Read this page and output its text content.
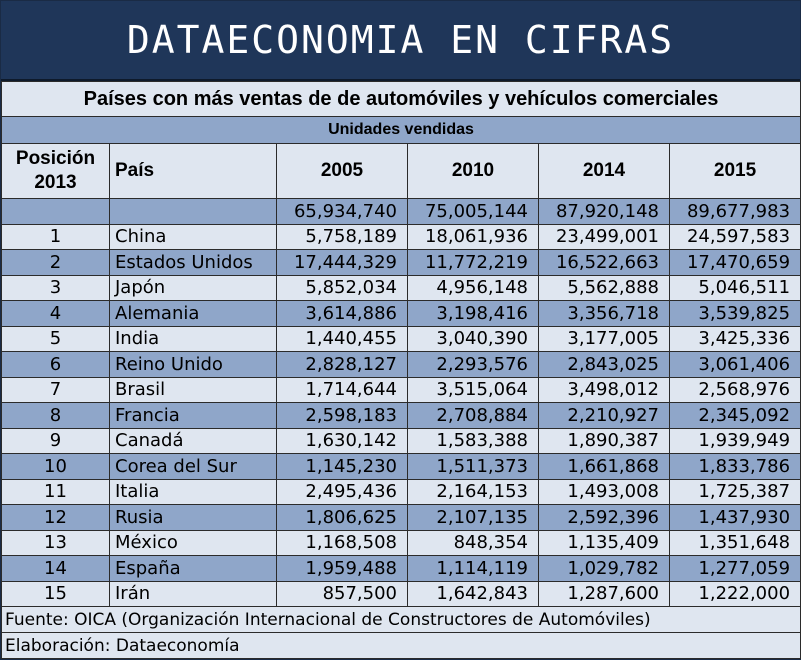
DATAECONOMIA EN CIFRAS
Países con más ventas de de automóviles y vehículos comerciales					
Unidades vendidas					

Posición
2013	País	2005	2010	2014	2015
		65,934,740	75,005,144	87,920,148	89,677,983
1	China	5,758,189	18,061,936	23,499,001	24,597,583
2	Estados Unidos	17,444,329	11,772,219	16,522,663	17,470,659
3	Japón	5,852,034	4,956,148	5,562,888	5,046,511
4	Alemania	3,614,886	3,198,416	3,356,718	3,539,825
5	India	1,440,455	3,040,390	3,177,005	3,425,336
6	Reino Unido	2,828,127	2,293,576	2,843,025	3,061,406
7	Brasil	1,714,644	3,515,064	3,498,012	2,568,976
8	Francia	2,598,183	2,708,884	2,210,927	2,345,092
9	Canadá	1,630,142	1,583,388	1,890,387	1,939,949
10	Corea del Sur	1,145,230	1,511,373	1,661,868	1,833,786
11	Italia	2,495,436	2,164,153	1,493,008	1,725,387
12	Rusia	1,806,625	2,107,135	2,592,396	1,437,930
13	México	1,168,508	848,354	1,135,409	1,351,648
14	España	1,959,488	1,114,119	1,029,782	1,277,059
15	Irán	857,500	1,642,843	1,287,600	1,222,000
Fuente: OICA (Organización Internacional de Constructores de Automóviles)					
Elaboración: Dataeconomía					
